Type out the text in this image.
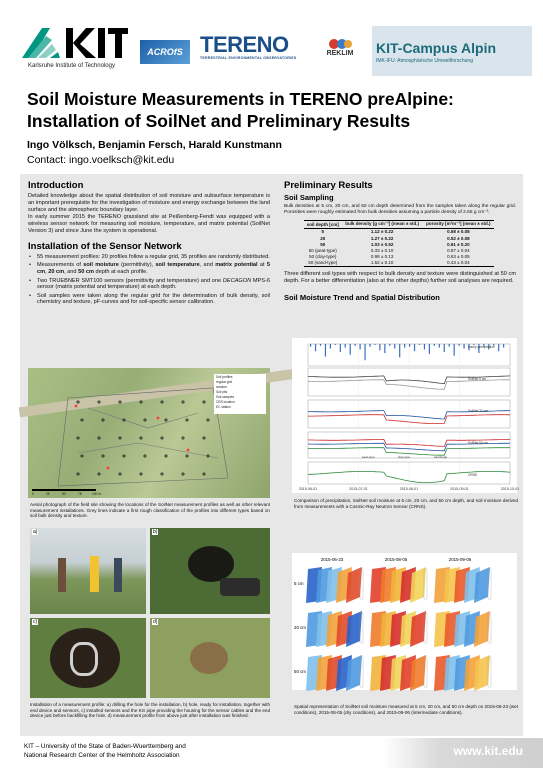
Karlsruhe Institute of Technology
ACROfS TERENO
TERRESTRIAL ENVIRONMENTAL OBSERVATORIES
REKLIM	KIT-Campus Alpin
IMK-IFU: Atmosphärische Umweltforschung
Soil Moisture Measurements in TERENO preAlpine:
Installation of SoilNet and Preliminary Results
Ingo Völksch, Benjamin Fersch, Harald Kunstmann
Contact: ingo.voelksch@kit.edu
Introduction

Detailed knowledge about the spatial distribution of soil moisture and subsurface temperature is an important prerequisite for the investigation of moisture and energy exchange between the land surface and the atmospheric boundary layer.

In early summer 2015 the TERENO grassland site at Peißenberg-Fendt was equipped with a wireless sensor network for measuring soil moisture, temperature, and matrix potential (SoilNet Version 3) and since June the system is operational.

Installation of the Sensor Network
• 55 measurement profiles: 20 profiles follow a regular grid, 35 profiles are randomly distributed.
• Measurements of soil moisture (permittivity), soil temperature, and matrix potential at 5 cm, 20 cm, and 50 cm depth at each profile.
• Two TRUEBNER SMT100 sensors (permittivity and temperature) and one DECAGON MPS-6 sensor (matrix potential and temperature) at each depth.
• Soil samples were taken along the regular grid for the determination of bulk density, soil chemistry and texture, pF-curves and for soil-specific sensor calibration.
Soil profiles
regular grid
random
Soil pits
Soil samples
CRS location
EC station
0	25	50	75	100 m
Aerial photograph of the field site showing the locations of the SoilNet measurement profiles as well as other relevant measurement installations. Grey lines indicate a first rough classification of the profiles into different types based on soil bulk density and texture.
a)	b)
c)	d)
Installation of a measurement profile: a) drilling the hole for the installation, b) hole, ready for installation, together with end device and sensors, c) installed sensors and the KG pipe providing the housing for the sensor cables and the end device just before backfilling the hole, d) measurement profile from above just after installation was finished.
Preliminary Results
Soil Sampling

Bulk densities at 5 cm, 20 cm, and 50 cm depth determined from the samples taken along the regular grid. Porosities were roughly estimated from bulk densities assuming a particle density of 2.65 g cm⁻³.

soil depth [cm]	bulk density [g cm⁻³] (mean ± std.)	porosity [m³m⁻³] (mean ± std.)
5	1.12 ± 0.22	0.58 ± 0.08
20	1.27 ± 0.22	0.52 ± 0.08
50	1.03 ± 0.52	0.61 ± 0.20
50 (peat-type)	0.33 ± 0.10	0.87 ± 0.04
50 (clay-type)	0.98 ± 0.13	0.63 ± 0.05
50 (sand-type)	1.52 ± 0.10	0.43 ± 0.04

Three different soil types with respect to bulk density and texture were distinguished at 50 cm depth. For a better differentiation (also at the other depths) further soil analyses are required.

Soil Moisture Trend and Spatial Distribution
2015-06-01	2015-07-01	2015-08-01	2015-09-01	2015-10-01
hourly precipitation
SoilNet 5 cm
SoilNet 20 cm
SoilNet 50 cm
CRNS
peat-type	clay-type	sand-type
Comparison of precipitation, SoilNet soil moisture at 5 cm, 20 cm, and 50 cm depth, and soil moisture derived from measurements with a Cosmic-Ray Neutron Sensor (CRNS).
2015-06-23	2015-08-05	2015-09-06
5 cm
20 cm
50 cm
Spatial representation of SoilNet soil moisture measured at 5 cm, 20 cm, and 50 cm depth on 2015-06-23 (wet conditions), 2015-08-05 (dry conditions), and 2015-09-06 (intermediate conditions).
KIT – University of the State of Baden-Wuerttemberg and
National Research Center of the Helmholtz Association	www.kit.edu
